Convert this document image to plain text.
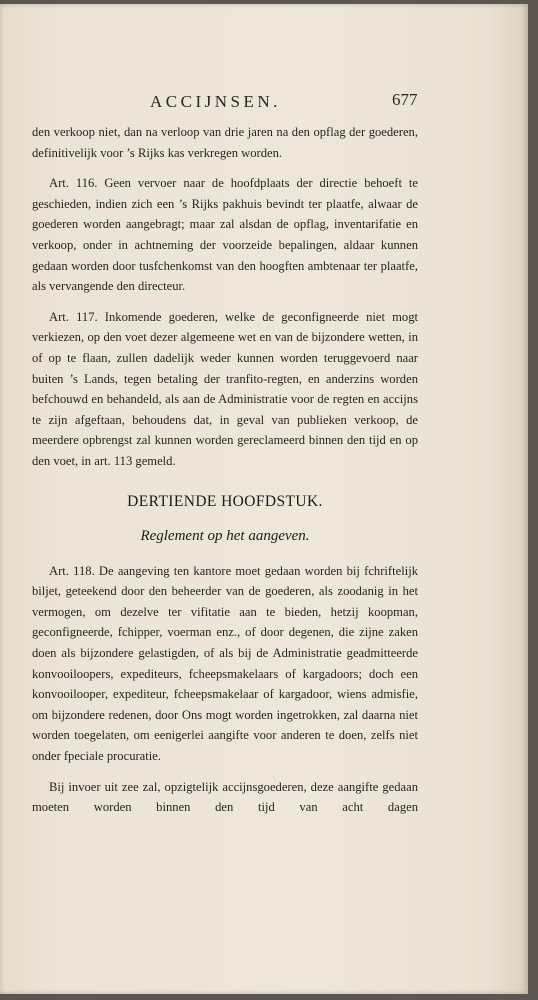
ACCIJNSEN.	677

den verkoop niet, dan na verloop van drie jaren na den opflag der goederen, definitivelijk voor ’s Rijks kas verkregen worden.

Art. 116. Geen vervoer naar de hoofdplaats der directie behoeft te geschieden, indien zich een ’s Rijks pakhuis bevindt ter plaatfe, alwaar de goederen worden aangebragt; maar zal alsdan de opflag, inventarifatie en verkoop, onder in achtneming der voorzeide bepalingen, aldaar kunnen gedaan worden door tusfchenkomst van den hoogften ambtenaar ter plaatfe, als vervangende den directeur.

Art. 117. Inkomende goederen, welke de geconfigneerde niet mogt verkiezen, op den voet dezer algemeene wet en van de bijzondere wetten, in of op te flaan, zullen dadelijk weder kunnen worden teruggevoerd naar buiten ’s Lands, tegen betaling der tranfito-regten, en anderzins worden befchouwd en behandeld, als aan de Administratie voor de regten en accijns te zijn afgeftaan, behoudens dat, in geval van publieken verkoop, de meerdere opbrengst zal kunnen worden gereclameerd binnen den tijd en op den voet, in art. 113 gemeld.

DERTIENDE HOOFDSTUK.
Reglement op het aangeven.

Art. 118. De aangeving ten kantore moet gedaan worden bij fchriftelijk biljet, geteekend door den beheerder van de goederen, als zoodanig in het vermogen, om dezelve ter vifitatie aan te bieden, hetzij koopman, geconfigneerde, fchipper, voerman enz., of door degenen, die zijne zaken doen als bijzondere gelastigden, of als bij de Administratie geadmitteerde konvooiloopers, expediteurs, fcheepsmakelaars of kargadoors; doch een konvooilooper, expediteur, fcheepsmakelaar of kargadoor, wiens admisfie, om bijzondere redenen, door Ons mogt worden ingetrokken, zal daarna niet worden toegelaten, om eenigerlei aangifte voor anderen te doen, zelfs niet onder fpeciale procuratie.

Bij invoer uit zee zal, opzigtelijk accijnsgoederen, deze aangifte gedaan moeten worden binnen den tijd van acht dagen
